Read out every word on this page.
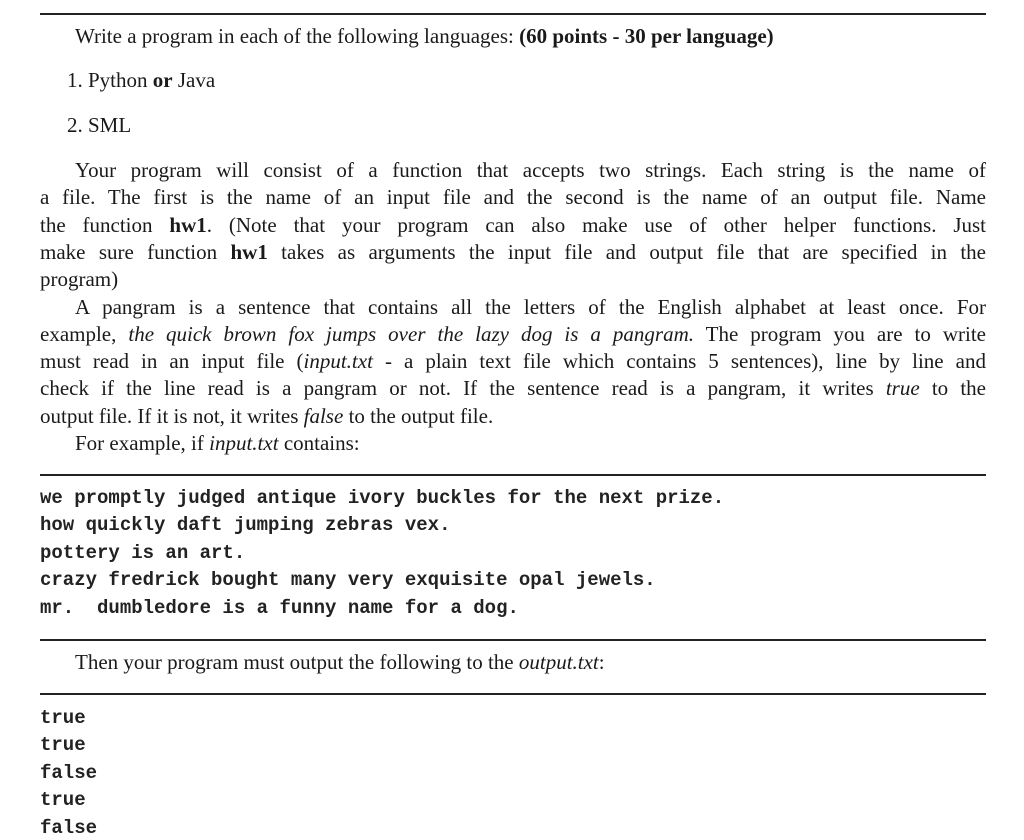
Write a program in each of the following languages: (60 points - 30 per language)
1. Python or Java
2. SML
Your program will consist of a function that accepts two strings. Each string is the name of
a file. The first is the name of an input file and the second is the name of an output file. Name
the function hw1. (Note that your program can also make use of other helper functions. Just
make sure function hw1 takes as arguments the input file and output file that are specified in the
program)
A pangram is a sentence that contains all the letters of the English alphabet at least once. For
example, the quick brown fox jumps over the lazy dog is a pangram. The program you are to write
must read in an input file (input.txt - a plain text file which contains 5 sentences), line by line and
check if the line read is a pangram or not. If the sentence read is a pangram, it writes true to the
output file. If it is not, it writes false to the output file.
For example, if input.txt contains:
we promptly judged antique ivory buckles for the next prize.
how quickly daft jumping zebras vex.
pottery is an art.
crazy fredrick bought many very exquisite opal jewels.
mr.  dumbledore is a funny name for a dog.
Then your program must output the following to the output.txt:
true
true
false
true
false
